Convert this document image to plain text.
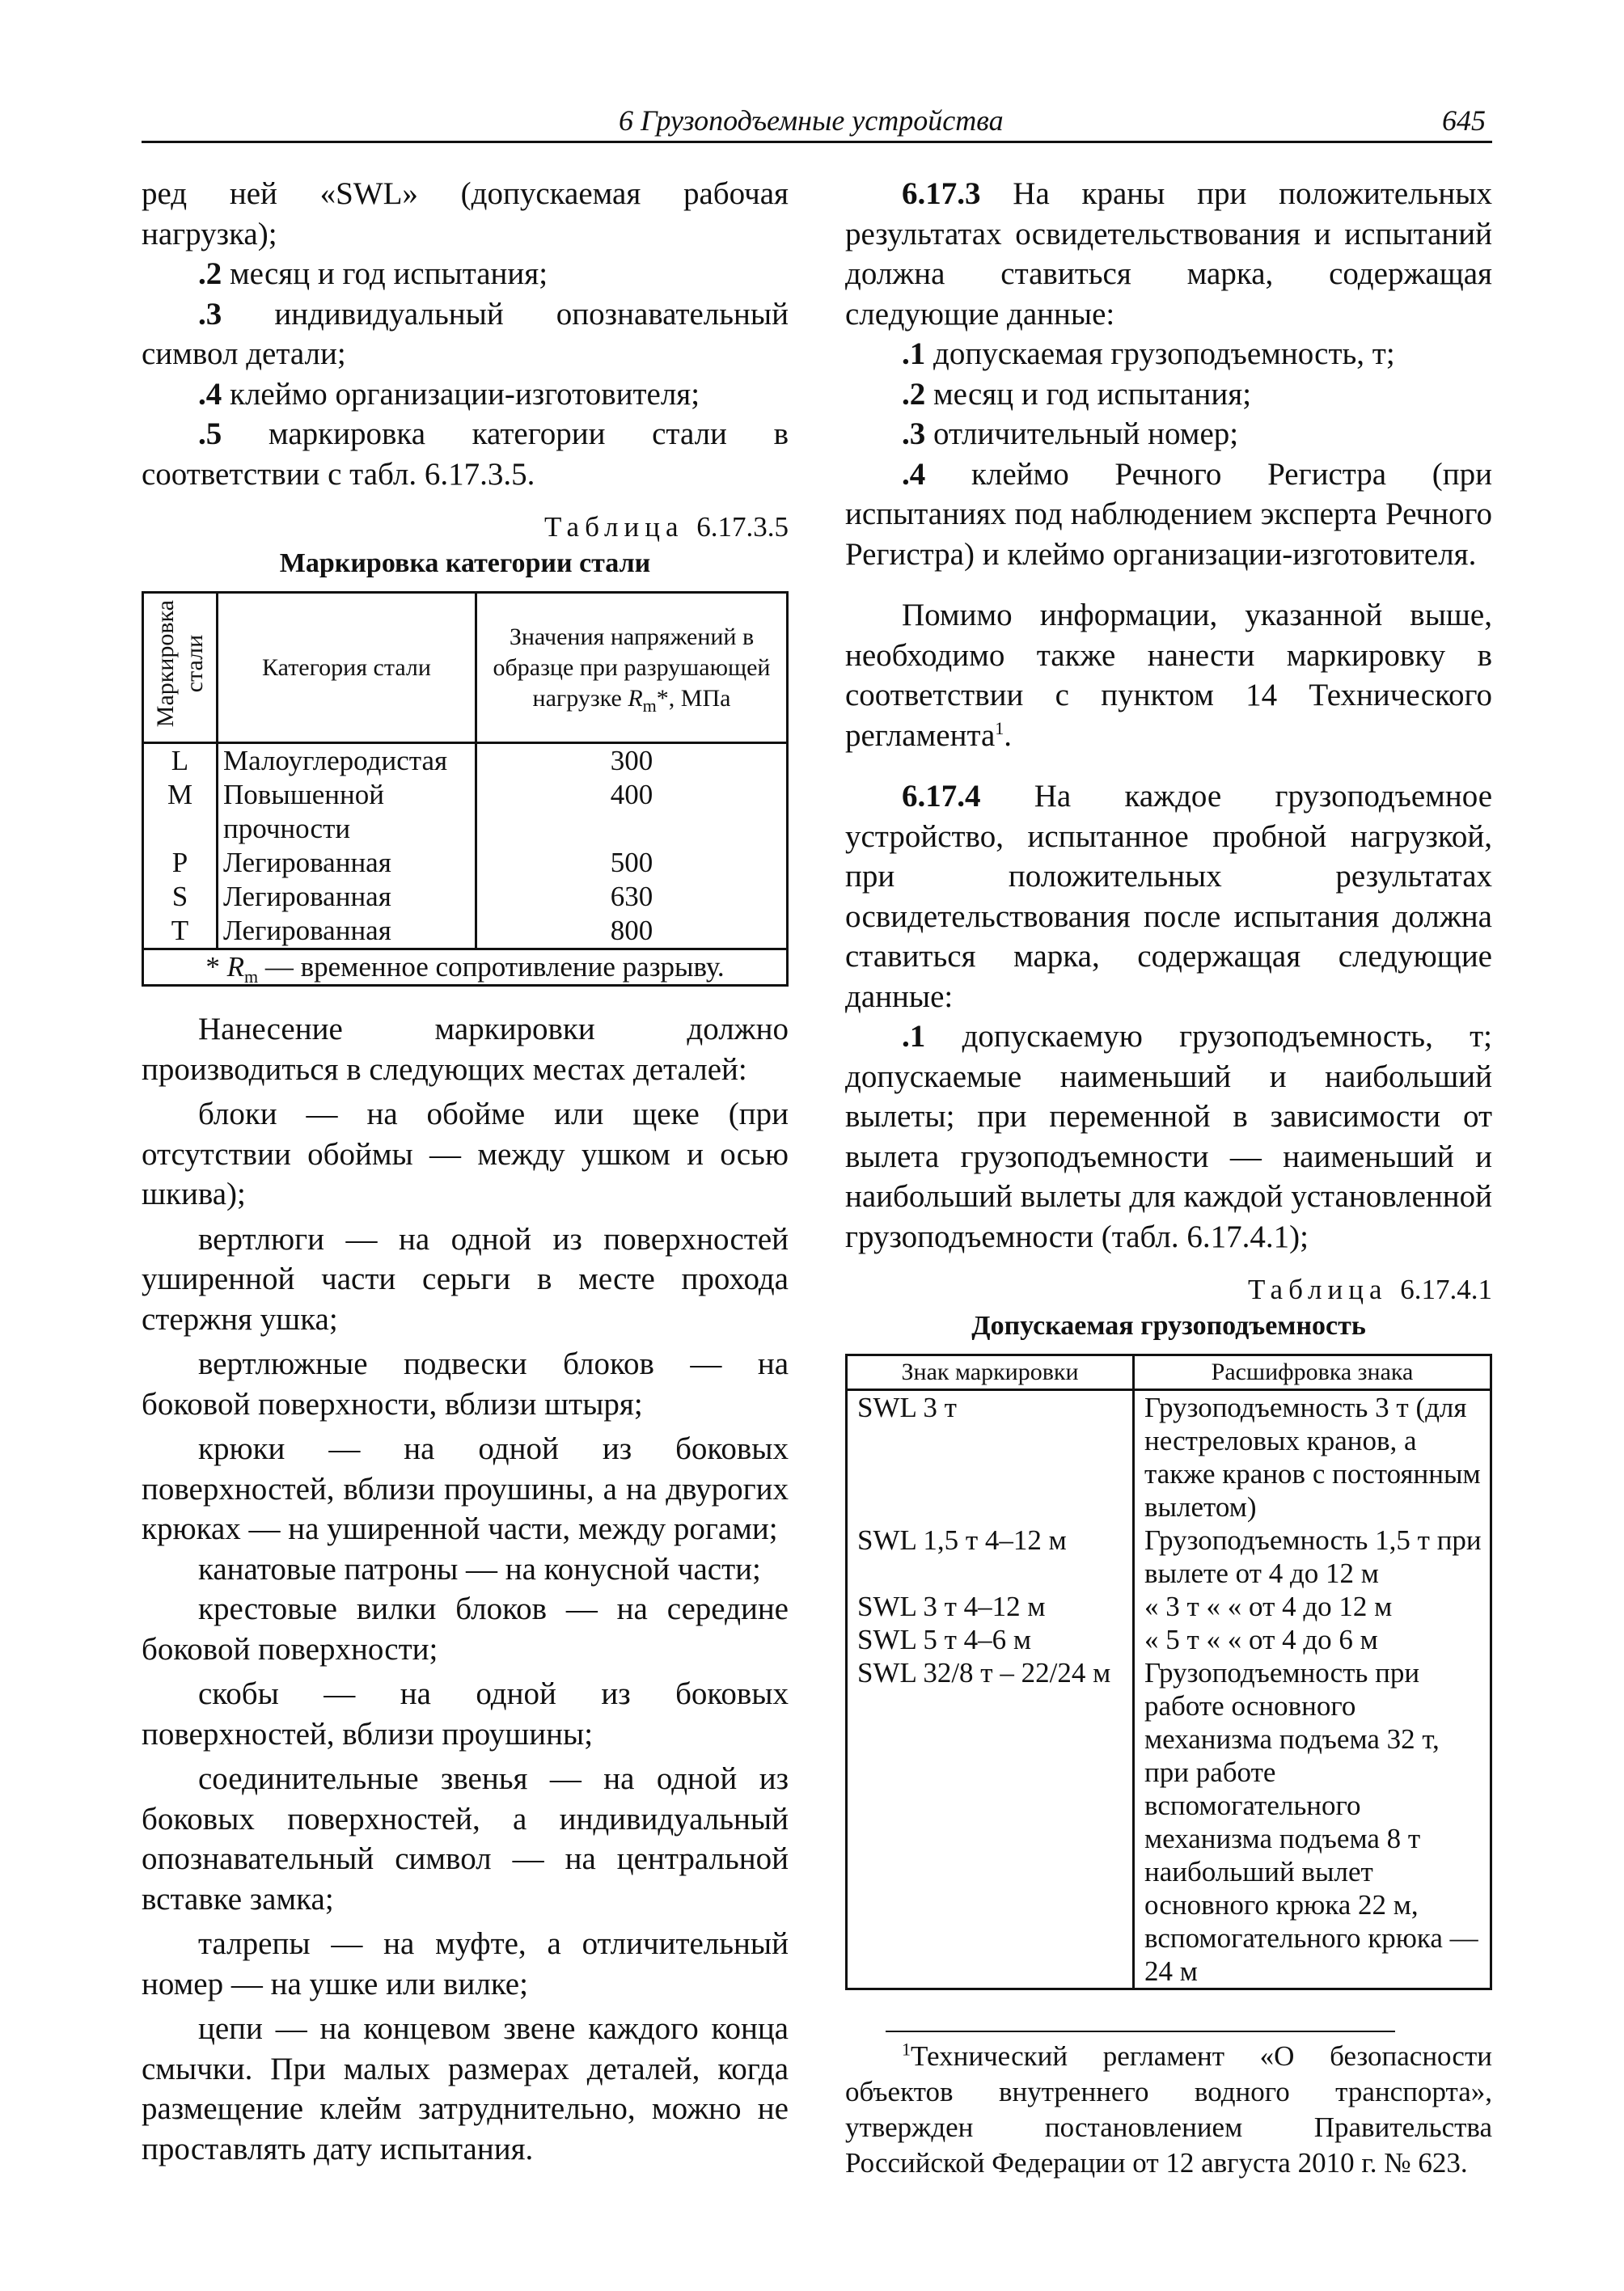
6 Грузоподъемные устройства	645

ред ней «SWL» (допускаемая рабочая нагрузка);

.2 месяц и год испытания;

.3 индивидуальный опознавательный символ детали;

.4 клеймо организации-изготовителя;

.5 маркировка категории стали в соответствии с табл. 6.17.3.5.

Таблица 6.17.3.5
Маркировка категории стали
Маркировка стали	Категория стали	Значения напряжений в образце при разрушающей нагрузке $R_m*$, МПа
L	Малоуглеродистая	300
M	Повышенной прочности	400
P	Легированная	500
S	Легированная	630
T	Легированная	800
* $R_m$ — временное сопротивление разрыву.		

Нанесение маркировки должно производиться в следующих местах деталей:

блоки — на обойме или щеке (при отсутствии обоймы — между ушком и осью шкива);

вертлюги — на одной из поверхностей уширенной части серьги в месте прохода стержня ушка;

вертлюжные подвески блоков — на боковой поверхности, вблизи штыря;

крюки — на одной из боковых поверхностей, вблизи проушины, а на двурогих крюках — на уширенной части, между рогами;

канатовые патроны — на конусной части;

крестовые вилки блоков — на середине боковой поверхности;

скобы — на одной из боковых поверхностей, вблизи проушины;

соединительные звенья — на одной из боковых поверхностей, а индивидуальный опознавательный символ — на центральной вставке замка;

талрепы — на муфте, а отличительный номер — на ушке или вилке;

цепи — на концевом звене каждого конца смычки. При малых размерах деталей, когда размещение клейм затруднительно, можно не проставлять дату испытания.

6.17.3 На краны при положительных результатах освидетельствования и испытаний должна ставиться марка, содержащая следующие данные:

.1 допускаемая грузоподъемность, т;

.2 месяц и год испытания;

.3 отличительный номер;

.4 клеймо Речного Регистра (при испытаниях под наблюдением эксперта Речного Регистра) и клеймо организации-изготовителя.

Помимо информации, указанной выше, необходимо также нанести маркировку в соответствии с пунктом 14 Технического регламента$^1$.

6.17.4 На каждое грузоподъемное устройство, испытанное пробной нагрузкой, при положительных результатах освидетельствования после испытания должна ставиться марка, содержащая следующие данные:

.1 допускаемую грузоподъемность, т; допускаемые наименьший и наибольший вылеты; при переменной в зависимости от вылета грузоподъемности — наименьший и наибольший вылеты для каждой установленной грузоподъемности (табл. 6.17.4.1);

Таблица 6.17.4.1
Допускаемая грузоподъемность
Знак маркировки	Расшифровка знака
SWL 3 т	Грузоподъемность 3 т (для нестреловых кранов, а также кранов с постоянным вылетом)
SWL 1,5 т 4–12 м	Грузоподъемность 1,5 т при вылете от 4 до 12 м
SWL 3 т 4–12 м	« 3 т « « от 4 до 12 м
SWL 5 т 4–6 м	« 5 т « « от 4 до 6 м
SWL 32/8 т – 22/24 м	Грузоподъемность при работе основного механизма подъема 32 т, при работе вспомогательного механизма подъема 8 т наибольший вылет основного крюка 22 м, вспомогательного крюка — 24 м

$^1$Технический регламент «О безопасности объектов внутреннего водного транспорта», утвержден постановлением Правительства Российской Федерации от 12 августа 2010 г. № 623.
